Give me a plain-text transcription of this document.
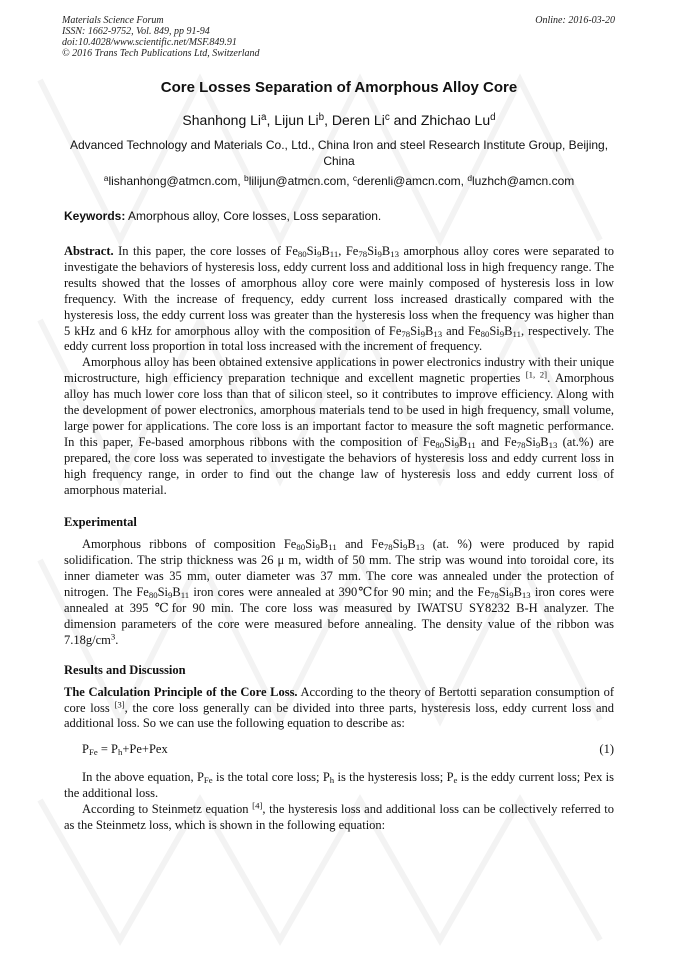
Materials Science Forum
ISSN: 1662-9752, Vol. 849, pp 91-94
doi:10.4028/www.scientific.net/MSF.849.91
© 2016 Trans Tech Publications Ltd, Switzerland
Online: 2016-03-20
Core Losses Separation of Amorphous Alloy Core
Shanhong Li$^a$, Lijun Li$^b$, Deren Li$^c$ and Zhichao Lu$^d$
Advanced Technology and Materials Co., Ltd., China Iron and steel Research Institute Group, Beijing, China
$^a$lishanhong@atmcn.com, $^b$lilijun@atmcn.com, $^c$derenli@amcn.com, $^d$luzhch@amcn.com
Keywords: Amorphous alloy, Core losses, Loss separation.

Abstract. In this paper, the core losses of $Fe_{80}Si_9B_{11}$, $Fe_{78}Si_9B_{13}$ amorphous alloy cores were separated to investigate the behaviors of hysteresis loss, eddy current loss and additional loss in high frequency range. The results showed that the losses of amorphous alloy core were mainly composed of hysteresis loss in low frequency. With the increase of frequency, eddy current loss increased drastically compared with the hysteresis loss, the eddy current loss was greater than the hysteresis loss when the frequency was higher than 5 kHz and 6 kHz for amorphous alloy with the composition of $Fe_{78}Si_9B_{13}$ and $Fe_{80}Si_9B_{11}$, respectively. The eddy current loss proportion in total loss increased with the increment of frequency.

Amorphous alloy has been obtained extensive applications in power electronics industry with their unique microstructure, high efficiency preparation technique and excellent magnetic properties [1, 2]. Amorphous alloy has much lower core loss than that of silicon steel, so it contributes to improve efficiency. Along with the development of power electronics, amorphous materials tend to be used in high frequency, small volume, large power for applications. The core loss is an important factor to measure the soft magnetic performance. In this paper, Fe-based amorphous ribbons with the composition of $Fe_{80}Si_9B_{11}$ and $Fe_{78}Si_9B_{13}$ (at.%) are prepared, the core loss was seperated to investigate the behaviors of hysteresis loss and eddy current loss in high frequency range, in order to find out the change law of hysteresis loss and eddy current loss of amorphous material.

Experimental

Amorphous ribbons of composition $Fe_{80}Si_9B_{11}$ and $Fe_{78}Si_9B_{13}$ (at. %) were produced by rapid solidification. The strip thickness was 26 μ m, width of 50 mm. The strip was wound into toroidal core, its inner diameter was 35 mm, outer diameter was 37 mm. The core was annealed under the protection of nitrogen. The $Fe_{80}Si_9B_{11}$ iron cores were annealed at 390℃for 90 min; and the $Fe_{78}Si_9B_{13}$ iron cores were annealed at 395 ℃for 90 min. The core loss was measured by IWATSU SY8232 B-H analyzer. The dimension parameters of the core were measured before annealing. The density value of the ribbon was $7.18g/cm^3$.

Results and Discussion

The Calculation Principle of the Core Loss. According to the theory of Bertotti separation consumption of core loss [3], the core loss generally can be divided into three parts, hysteresis loss, eddy current loss and additional loss. So we can use the following equation to describe as:

$P_{Fe} = P_h+Pe+Pex$	(1)

In the above equation, $P_{Fe}$ is the total core loss; $P_h$ is the hysteresis loss; $P_e$ is the eddy current loss; Pex is the additional loss.

According to Steinmetz equation [4], the hysteresis loss and additional loss can be collectively referred to as the Steinmetz loss, which is shown in the following equation:
